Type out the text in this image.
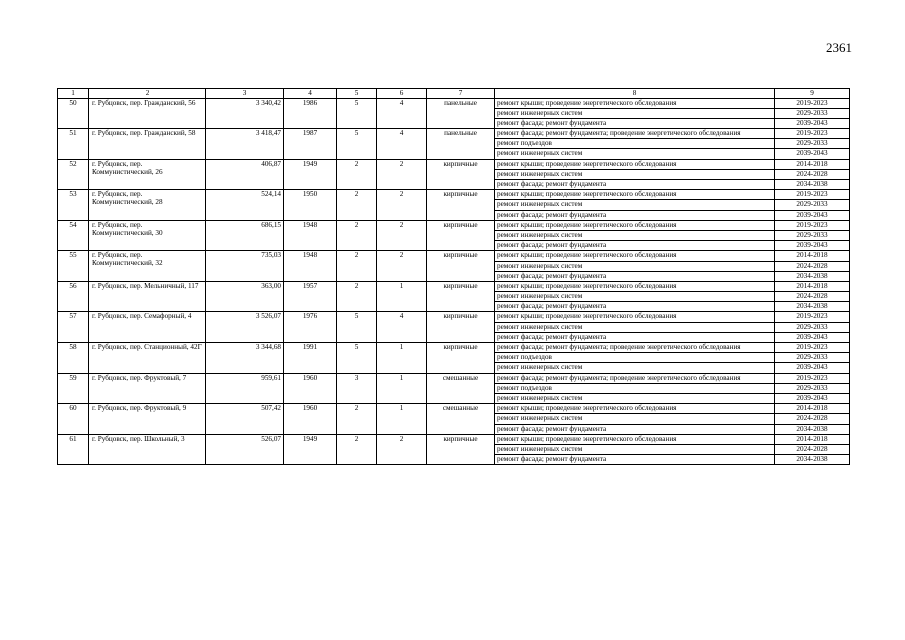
2361
1	2	3	4	5	6	7	8	9
50	г. Рубцовск, пер. Гражданский, 56	3 340,42	1986	5	4	панельные	ремонт крыши; проведение энергетического обследования	2019-2023
							ремонт инженерных систем	2029-2033
							ремонт фасада; ремонт фундамента	2039-2043
51	г. Рубцовск, пер. Гражданский, 58	3 418,47	1987	5	4	панельные	ремонт фасада; ремонт фундамента; проведение энергетического обследования	2019-2023
							ремонт подъездов	2029-2033
							ремонт инженерных систем	2039-2043
52	г. Рубцовск, пер. Коммунистический, 26	406,87	1949	2	2	кирпичные	ремонт крыши; проведение энергетического обследования	2014-2018
							ремонт инженерных систем	2024-2028
							ремонт фасада; ремонт фундамента	2034-2038
53	г. Рубцовск, пер. Коммунистический, 28	524,14	1950	2	2	кирпичные	ремонт крыши; проведение энергетического обследования	2019-2023
							ремонт инженерных систем	2029-2033
							ремонт фасада; ремонт фундамента	2039-2043
54	г. Рубцовск, пер. Коммунистический, 30	686,15	1948	2	2	кирпичные	ремонт крыши; проведение энергетического обследования	2019-2023
							ремонт инженерных систем	2029-2033
							ремонт фасада; ремонт фундамента	2039-2043
55	г. Рубцовск, пер. Коммунистический, 32	735,03	1948	2	2	кирпичные	ремонт крыши; проведение энергетического обследования	2014-2018
							ремонт инженерных систем	2024-2028
							ремонт фасада; ремонт фундамента	2034-2038
56	г. Рубцовск, пер. Мельничный, 117	363,00	1957	2	1	кирпичные	ремонт крыши; проведение энергетического обследования	2014-2018
							ремонт инженерных систем	2024-2028
							ремонт фасада; ремонт фундамента	2034-2038
57	г. Рубцовск, пер. Семафорный, 4	3 526,07	1976	5	4	кирпичные	ремонт крыши; проведение энергетического обследования	2019-2023
							ремонт инженерных систем	2029-2033
							ремонт фасада; ремонт фундамента	2039-2043
58	г. Рубцовск, пер. Станционный, 42Г	3 344,68	1991	5	1	кирпичные	ремонт фасада; ремонт фундамента; проведение энергетического обследования	2019-2023
							ремонт подъездов	2029-2033
							ремонт инженерных систем	2039-2043
59	г. Рубцовск, пер. Фруктовый, 7	959,61	1960	3	1	смешанные	ремонт фасада; ремонт фундамента; проведение энергетического обследования	2019-2023
							ремонт подъездов	2029-2033
							ремонт инженерных систем	2039-2043
60	г. Рубцовск, пер. Фруктовый, 9	507,42	1960	2	1	смешанные	ремонт крыши; проведение энергетического обследования	2014-2018
							ремонт инженерных систем	2024-2028
							ремонт фасада; ремонт фундамента	2034-2038
61	г. Рубцовск, пер. Школьный, 3	526,07	1949	2	2	кирпичные	ремонт крыши; проведение энергетического обследования	2014-2018
							ремонт инженерных систем	2024-2028
							ремонт фасада; ремонт фундамента	2034-2038
